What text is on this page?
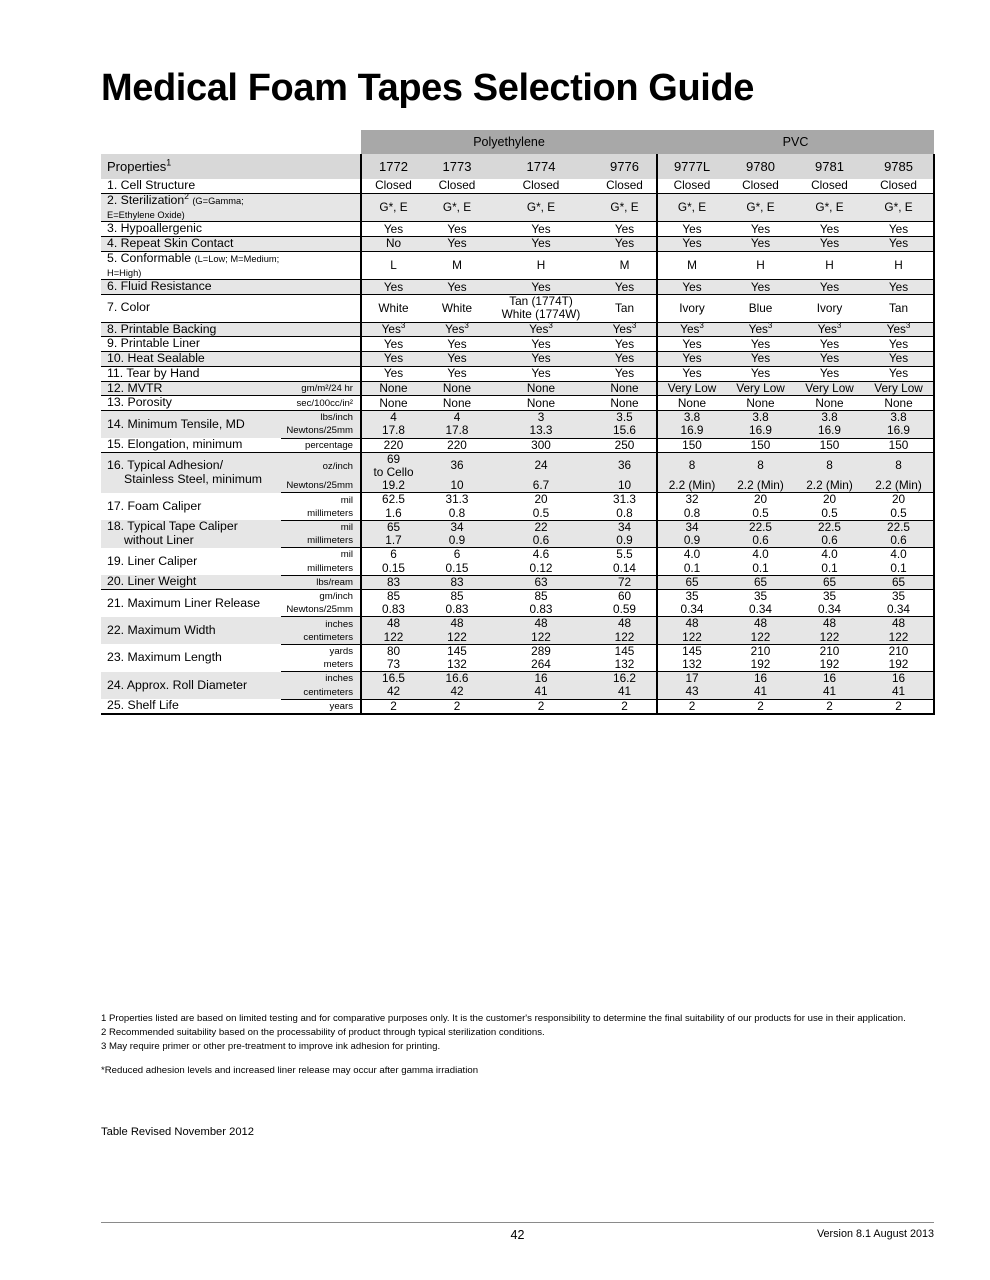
Medical Foam Tapes Selection Guide
		Polyethylene				PVC			
Properties$^1$		1772	1773	1774	9776	9777L	9780	9781	9785
1. Cell Structure		Closed	Closed	Closed	Closed	Closed	Closed	Closed	Closed
2. Sterilization$^2$ (G=Gamma; E=Ethylene Oxide)		G*, E	G*, E	G*, E	G*, E	G*, E	G*, E	G*, E	G*, E
3. Hypoallergenic		Yes	Yes	Yes	Yes	Yes	Yes	Yes	Yes
4. Repeat Skin Contact		No	Yes	Yes	Yes	Yes	Yes	Yes	Yes
5. Conformable (L=Low; M=Medium; H=High)		L	M	H	M	M	H	H	H
6. Fluid Resistance		Yes	Yes	Yes	Yes	Yes	Yes	Yes	Yes
7. Color		White	White	Tan (1774T)
White (1774W)	Tan	Ivory	Blue	Ivory	Tan
8. Printable Backing		Yes$^3$	Yes$^3$	Yes$^3$	Yes$^3$	Yes$^3$	Yes$^3$	Yes$^3$	Yes$^3$
9. Printable Liner		Yes	Yes	Yes	Yes	Yes	Yes	Yes	Yes
10. Heat Sealable		Yes	Yes	Yes	Yes	Yes	Yes	Yes	Yes
11. Tear by Hand		Yes	Yes	Yes	Yes	Yes	Yes	Yes	Yes
12. MVTR	gm/m²/24 hr	None	None	None	None	Very Low	Very Low	Very Low	Very Low
13. Porosity	sec/100cc/in²	None	None	None	None	None	None	None	None
14. Minimum Tensile, MD	lbs/inch	4	4	3	3.5	3.8	3.8	3.8	3.8
	Newtons/25mm	17.8	17.8	13.3	15.6	16.9	16.9	16.9	16.9
15. Elongation, minimum	percentage	220	220	300	250	150	150	150	150
16. Typical Adhesion/
Stainless Steel, minimum	oz/inch	69
to Cello	36	24	36	8	8	8	8
	Newtons/25mm	19.2	10	6.7	10	2.2 (Min)	2.2 (Min)	2.2 (Min)	2.2 (Min)
17. Foam Caliper	mil	62.5	31.3	20	31.3	32	20	20	20
	millimeters	1.6	0.8	0.5	0.8	0.8	0.5	0.5	0.5
18. Typical Tape Caliper
without Liner	mil	65	34	22	34	34	22.5	22.5	22.5
	millimeters	1.7	0.9	0.6	0.9	0.9	0.6	0.6	0.6
19. Liner Caliper	mil	6	6	4.6	5.5	4.0	4.0	4.0	4.0
	millimeters	0.15	0.15	0.12	0.14	0.1	0.1	0.1	0.1
20. Liner Weight	lbs/ream	83	83	63	72	65	65	65	65
21. Maximum Liner Release	gm/inch	85	85	85	60	35	35	35	35
	Newtons/25mm	0.83	0.83	0.83	0.59	0.34	0.34	0.34	0.34
22. Maximum Width	inches	48	48	48	48	48	48	48	48
	centimeters	122	122	122	122	122	122	122	122
23. Maximum Length	yards	80	145	289	145	145	210	210	210
	meters	73	132	264	132	132	192	192	192
24. Approx. Roll Diameter	inches	16.5	16.6	16	16.2	17	16	16	16
	centimeters	42	42	41	41	43	41	41	41
25. Shelf Life	years	2	2	2	2	2	2	2	2
1 Properties listed are based on limited testing and for comparative purposes only. It is the customer's responsibility to determine the final suitability of our products for use in their application.
2 Recommended suitability based on the processability of product through typical sterilization conditions.
3 May require primer or other pre-treatment to improve ink adhesion for printing.
*Reduced adhesion levels and increased liner release may occur after gamma irradiation
Table Revised November 2012
42	Version 8.1 August 2013
